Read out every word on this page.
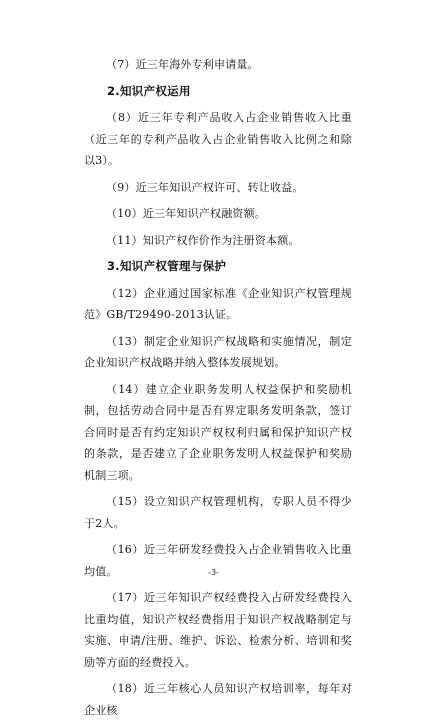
（7）近三年海外专利申请量。

2.知识产权运用

（8）近三年专利产品收入占企业销售收入比重（近三年的专利产品收入占企业销售收入比例之和除以3）。

（9）近三年知识产权许可、转让收益。

（10）近三年知识产权融资额。

（11）知识产权作价作为注册资本额。

3.知识产权管理与保护

（12）企业通过国家标准《企业知识产权管理规范》GB/T29490-2013认证。

（13）制定企业知识产权战略和实施情况，制定企业知识产权战略并纳入整体发展规划。

（14）建立企业职务发明人权益保护和奖励机制，包括劳动合同中是否有界定职务发明条款，签订合同时是否有约定知识产权权利归属和保护知识产权的条款，是否建立了企业职务发明人权益保护和奖励机制三项。

（15）设立知识产权管理机构，专职人员不得少于2人。

（16）近三年研发经费投入占企业销售收入比重均值。

（17）近三年知识产权经费投入占研发经费投入比重均值，知识产权经费指用于知识产权战略制定与实施、申请/注册、维护、诉讼、检索分析、培训和奖励等方面的经费投入。

（18）近三年核心人员知识产权培训率，每年对企业核

-3-
